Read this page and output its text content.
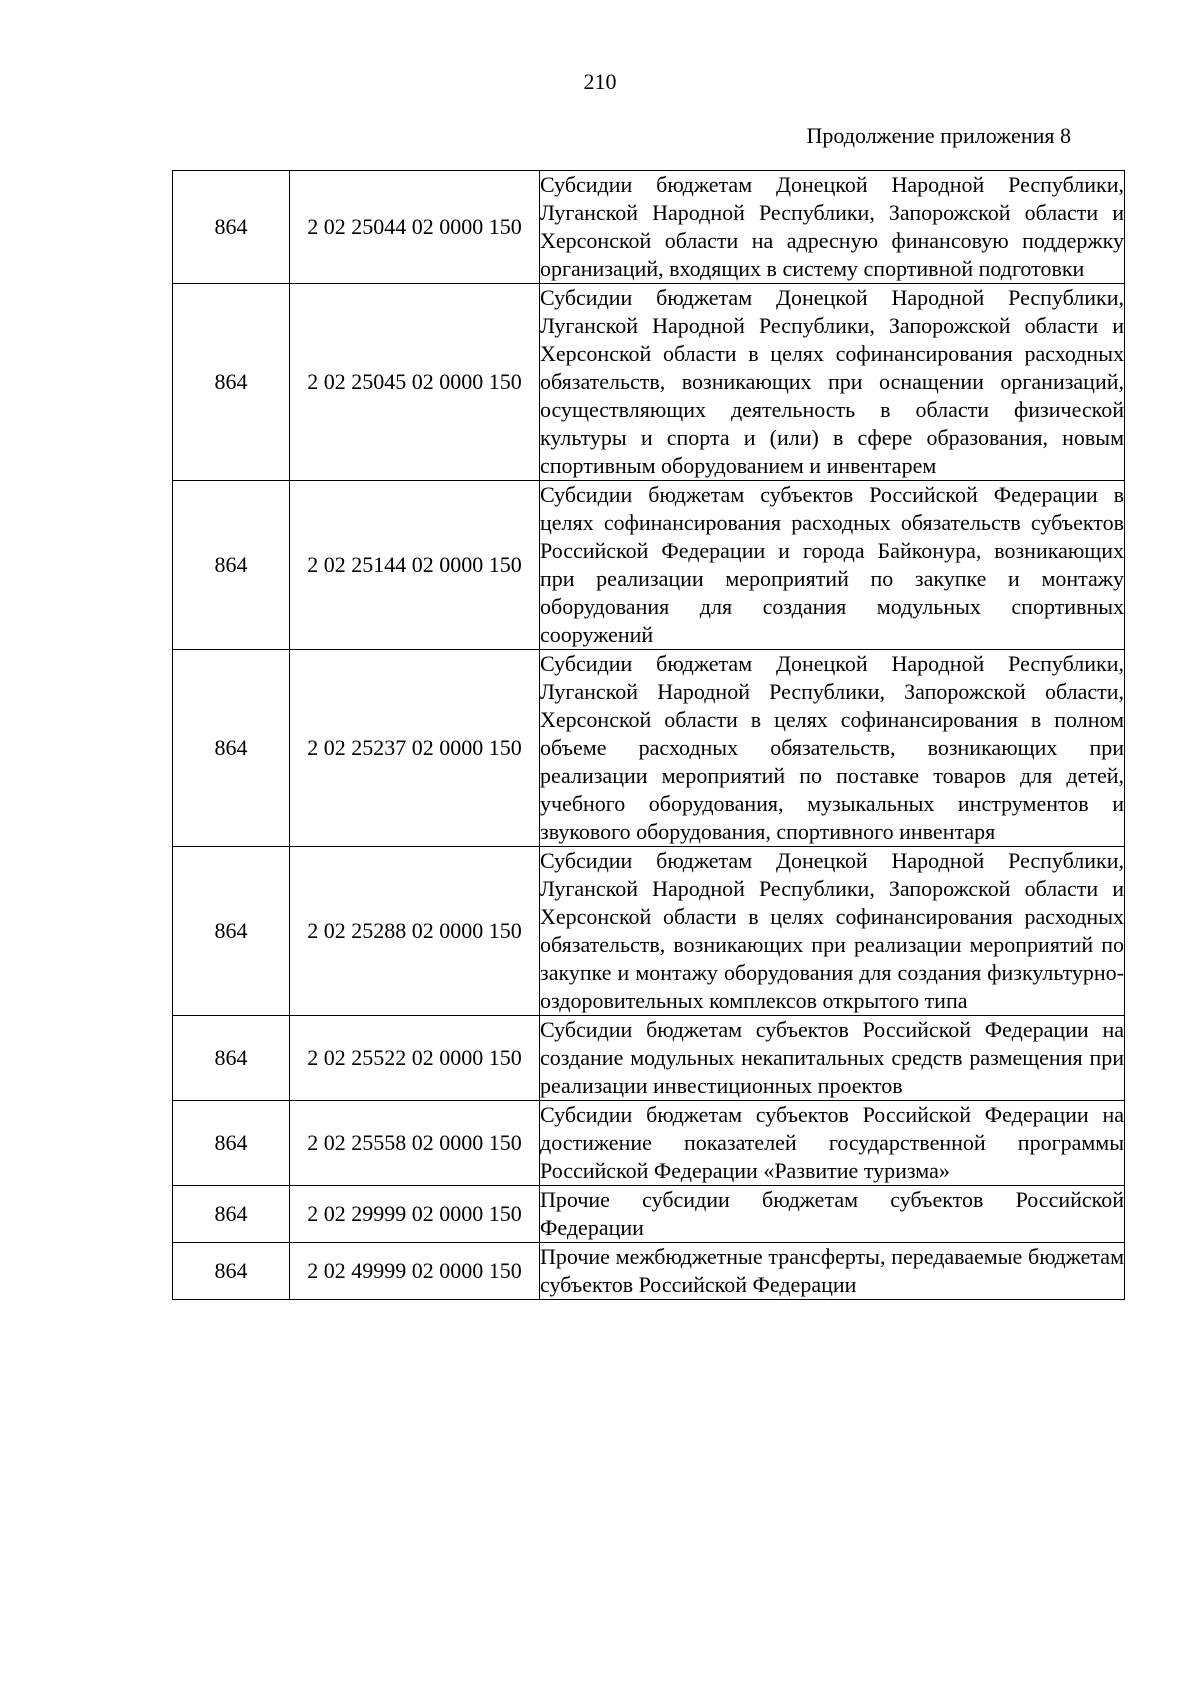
210
Продолжение приложения 8
864	2 02 25044 02 0000 150	Субсидии бюджетам Донецкой Народной Республики, Луганской Народной Республики, Запорожской области и Херсонской области на адресную финансовую поддержку организаций, входящих в систему спортивной подготовки

864	2 02 25045 02 0000 150	Субсидии бюджетам Донецкой Народной Республики, Луганской Народной Республики, Запорожской области и Херсонской области в целях софинансирования расходных обязательств, возникающих при оснащении организаций, осуществляющих деятельность в области физической культуры и спорта и (или) в сфере образования, новым спортивным оборудованием и инвентарем

864	2 02 25144 02 0000 150	Субсидии бюджетам субъектов Российской Федерации в целях софинансирования расходных обязательств субъектов Российской Федерации и города Байконура, возникающих при реализации мероприятий по закупке и монтажу оборудования для создания модульных спортивных сооружений

864	2 02 25237 02 0000 150	Субсидии бюджетам Донецкой Народной Республики, Луганской Народной Республики, Запорожской области, Херсонской области в целях софинансирования в полном объеме расходных обязательств, возникающих при реализации мероприятий по поставке товаров для детей, учебного оборудования, музыкальных инструментов и звукового оборудования, спортивного инвентаря

864	2 02 25288 02 0000 150	Субсидии бюджетам Донецкой Народной Республики, Луганской Народной Республики, Запорожской области и Херсонской области в целях софинансирования расходных обязательств, возникающих при реализации мероприятий по закупке и монтажу оборудования для создания физкультурно-оздоровительных комплексов открытого типа

864	2 02 25522 02 0000 150	Субсидии бюджетам субъектов Российской Федерации на создание модульных некапитальных средств размещения при реализации инвестиционных проектов

864	2 02 25558 02 0000 150	Субсидии бюджетам субъектов Российской Федерации на достижение показателей государственной программы Российской Федерации «Развитие туризма»

864	2 02 29999 02 0000 150	Прочие субсидии бюджетам субъектов Российской Федерации

864	2 02 49999 02 0000 150	Прочие межбюджетные трансферты, передаваемые бюджетам субъектов Российской Федерации
